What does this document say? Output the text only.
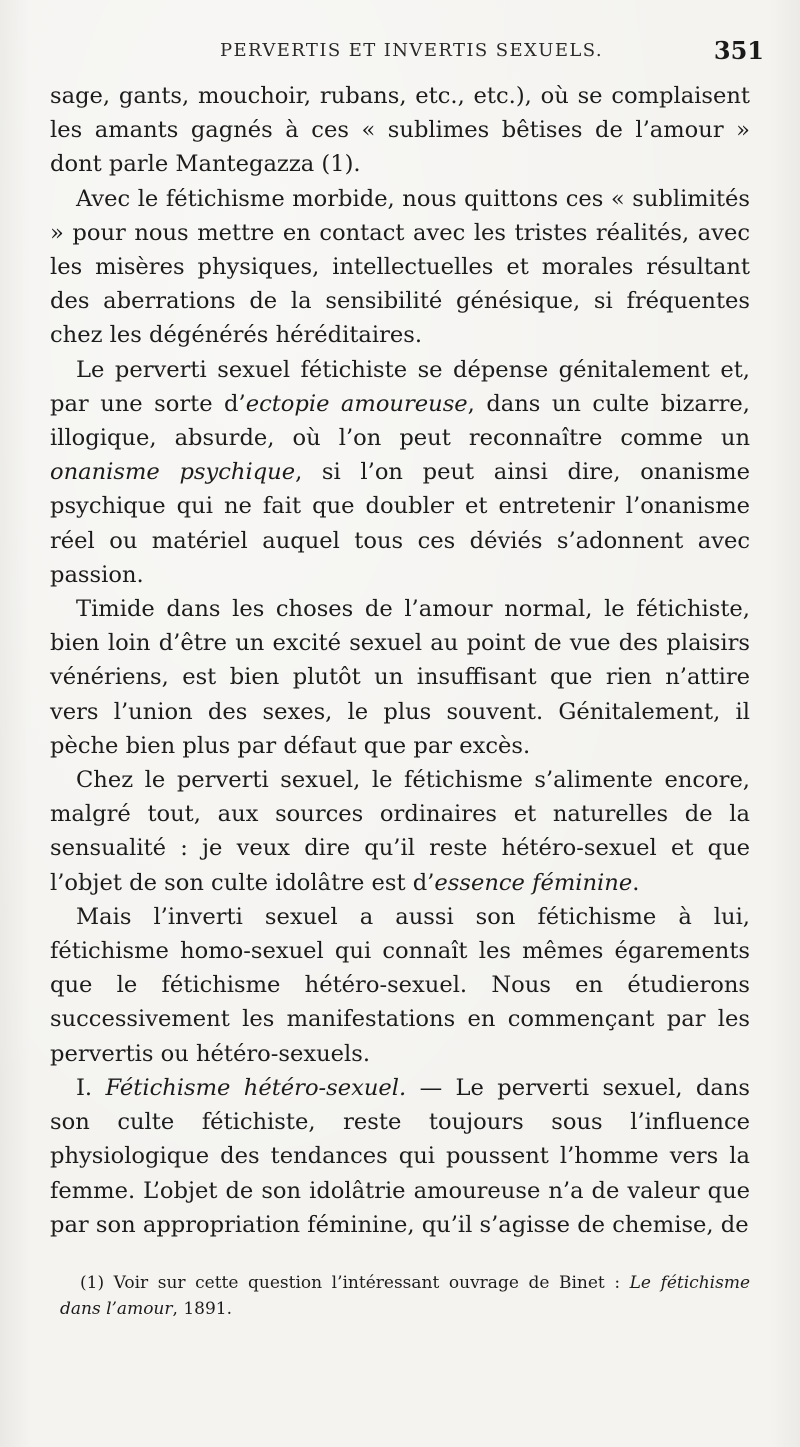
PERVERTIS ET INVERTIS SEXUELS.	351

sage, gants, mouchoir, rubans, etc., etc.), où se complaisent les amants gagnés à ces « sublimes bêtises de l’amour » dont parle Mantegazza (1).

Avec le fétichisme morbide, nous quittons ces « sublimités » pour nous mettre en contact avec les tristes réalités, avec les misères physiques, intellectuelles et morales résultant des aberrations de la sensibilité génésique, si fréquentes chez les dégénérés héréditaires.

Le perverti sexuel fétichiste se dépense génitalement et, par une sorte d’ectopie amoureuse, dans un culte bizarre, illogique, absurde, où l’on peut reconnaître comme un onanisme psychique, si l’on peut ainsi dire, onanisme psychique qui ne fait que doubler et entretenir l’onanisme réel ou matériel auquel tous ces déviés s’adonnent avec passion.

Timide dans les choses de l’amour normal, le fétichiste, bien loin d’être un excité sexuel au point de vue des plaisirs vénériens, est bien plutôt un insuffisant que rien n’attire vers l’union des sexes, le plus souvent. Génitalement, il pèche bien plus par défaut que par excès.

Chez le perverti sexuel, le fétichisme s’alimente encore, malgré tout, aux sources ordinaires et naturelles de la sensualité : je veux dire qu’il reste hétéro-sexuel et que l’objet de son culte idolâtre est d’essence féminine.

Mais l’inverti sexuel a aussi son fétichisme à lui, fétichisme homo-sexuel qui connaît les mêmes égarements que le fétichisme hétéro-sexuel. Nous en étudierons successivement les manifestations en commençant par les pervertis ou hétéro-sexuels.

I. Fétichisme hétéro-sexuel. — Le perverti sexuel, dans son culte fétichiste, reste toujours sous l’influence physiologique des tendances qui poussent l’homme vers la femme. L’objet de son idolâtrie amoureuse n’a de valeur que par son appropriation féminine, qu’il s’agisse de chemise, de

(1) Voir sur cette question l’intéressant ouvrage de Binet : Le fétichisme dans l’amour, 1891.
